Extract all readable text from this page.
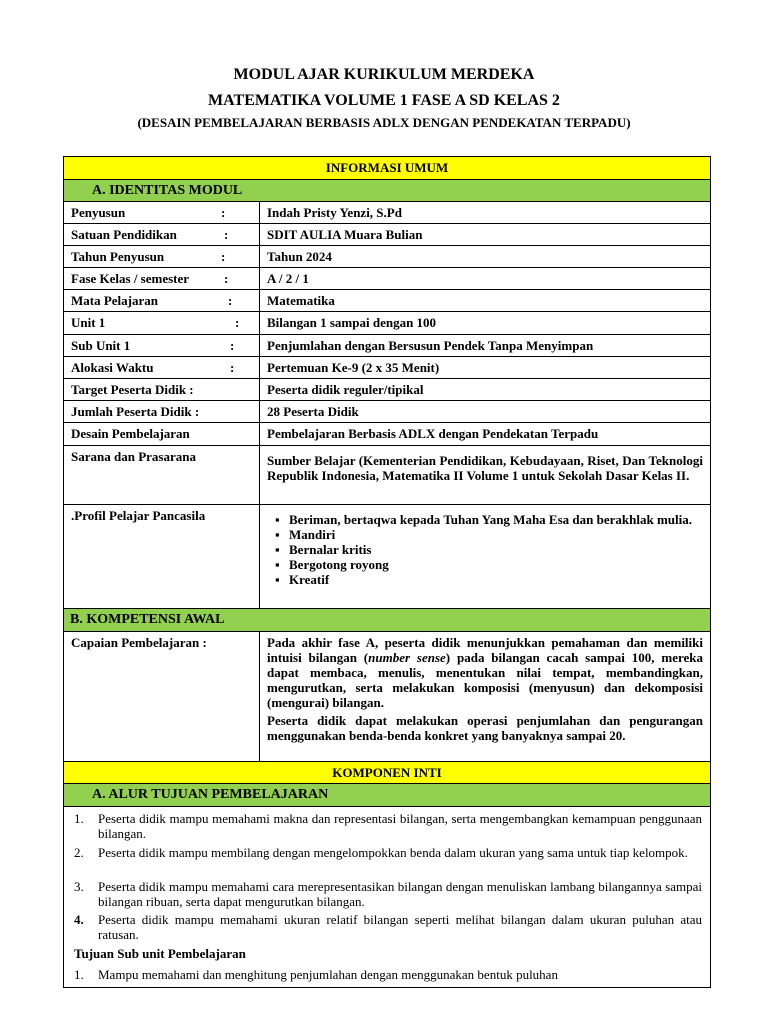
MODUL AJAR KURIKULUM MERDEKA
MATEMATIKA VOLUME 1 FASE A SD KELAS 2
(DESAIN PEMBELAJARAN BERBASIS ADLX DENGAN PENDEKATAN TERPADU)
INFORMASI UMUM
A. IDENTITAS MODUL
Penyusun	:	Indah Pristy Yenzi, S.Pd
Satuan Pendidikan	:	SDIT AULIA Muara Bulian
Tahun Penyusun	:	Tahun 2024
Fase Kelas / semester	:	A / 2 / 1
Mata Pelajaran	:	Matematika
Unit 1	:	Bilangan 1 sampai dengan 100
Sub Unit 1	:	Penjumlahan dengan Bersusun Pendek Tanpa Menyimpan
Alokasi Waktu	:	Pertemuan Ke-9 (2 x 35 Menit)
Target Peserta Didik :	Peserta didik reguler/tipikal
Jumlah Peserta Didik :	28 Peserta Didik
Desain Pembelajaran	Pembelajaran Berbasis ADLX dengan Pendekatan Terpadu
Sarana dan Prasarana	Sumber Belajar (Kementerian Pendidikan, Kebudayaan, Riset, Dan Teknologi Republik Indonesia, Matematika II Volume 1 untuk Sekolah Dasar Kelas II.
.Profil Pelajar Pancasila
▪	Beriman, bertaqwa kepada Tuhan Yang Maha Esa dan berakhlak mulia.
▪ Mandiri
▪ Bernalar kritis
▪ Bergotong royong
▪ Kreatif
B. KOMPETENSI AWAL
Capaian Pembelajaran :	Pada akhir fase A, peserta didik menunjukkan pemahaman dan memiliki intuisi bilangan (number sense) pada bilangan cacah sampai 100, mereka dapat membaca, menulis, menentukan nilai tempat, membandingkan, mengurutkan, serta melakukan komposisi (menyusun) dan dekomposisi (mengurai) bilangan.
Peserta didik dapat melakukan operasi penjumlahan dan pengurangan menggunakan benda-benda konkret yang banyaknya sampai 20.
KOMPONEN INTI
A. ALUR TUJUAN PEMBELAJARAN
1. Peserta didik mampu memahami makna dan representasi bilangan, serta mengembangkan kemampuan penggunaan bilangan.
2. Peserta didik mampu membilang dengan mengelompokkan benda dalam ukuran yang sama untuk tiap kelompok.
3. Peserta didik mampu memahami cara merepresentasikan bilangan dengan menuliskan lambang bilangannya sampai bilangan ribuan, serta dapat mengurutkan bilangan.
4. Peserta didik mampu memahami ukuran relatif bilangan seperti melihat bilangan dalam ukuran puluhan atau ratusan.
Tujuan Sub unit Pembelajaran
1. Mampu memahami dan menghitung penjumlahan dengan menggunakan bentuk puluhan
